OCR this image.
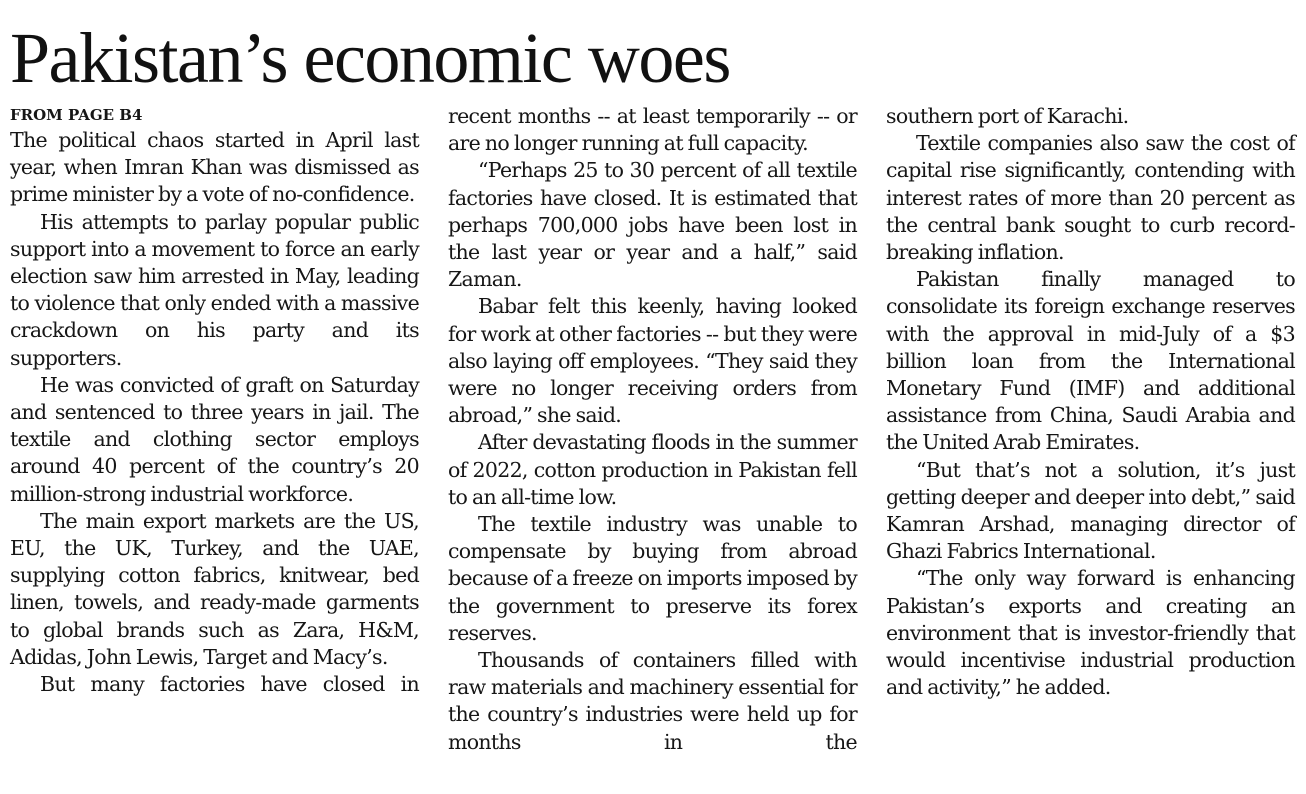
Pakistan’s economic woes
FROM PAGE B4

The political chaos started in April last year, when Imran Khan was dismissed as prime minister by a vote of no-confidence.

His attempts to parlay popular public support into a movement to force an early election saw him arrested in May, leading to violence that only ended with a massive crackdown on his party and its supporters.

He was convicted of graft on Saturday and sentenced to three years in jail. The textile and clothing sector employs around 40 percent of the country’s 20 million-strong industrial workforce.

The main export markets are the US, EU, the UK, Turkey, and the UAE, supplying cotton fabrics, knitwear, bed linen, towels, and ready-made garments to global brands such as Zara, H&M, Adidas, John Lewis, Target and Macy’s.

But many factories have closed in

recent months -- at least temporarily -- or are no longer running at full capacity.

“Perhaps 25 to 30 percent of all textile factories have closed. It is estimated that perhaps 700,000 jobs have been lost in the last year or year and a half,” said Zaman.

Babar felt this keenly, having looked for work at other factories -- but they were also laying off employees. “They said they were no longer receiving orders from abroad,” she said.

After devastating floods in the summer of 2022, cotton production in Pakistan fell to an all-time low.

The textile industry was unable to compensate by buying from abroad because of a freeze on imports imposed by the government to preserve its forex reserves.

Thousands of containers filled with raw materials and machinery essential for the country’s industries were held up for months in the

southern port of Karachi.

Textile companies also saw the cost of capital rise significantly, contending with interest rates of more than 20 percent as the central bank sought to curb record-breaking inflation.

Pakistan finally managed to consolidate its foreign exchange reserves with the approval in mid-July of a $3 billion loan from the International Monetary Fund (IMF) and additional assistance from China, Saudi Arabia and the United Arab Emirates.

“But that’s not a solution, it’s just getting deeper and deeper into debt,” said Kamran Arshad, managing director of Ghazi Fabrics International.

“The only way forward is enhancing Pakistan’s exports and creating an environment that is investor-friendly that would incentivise industrial production and activity,” he added.
